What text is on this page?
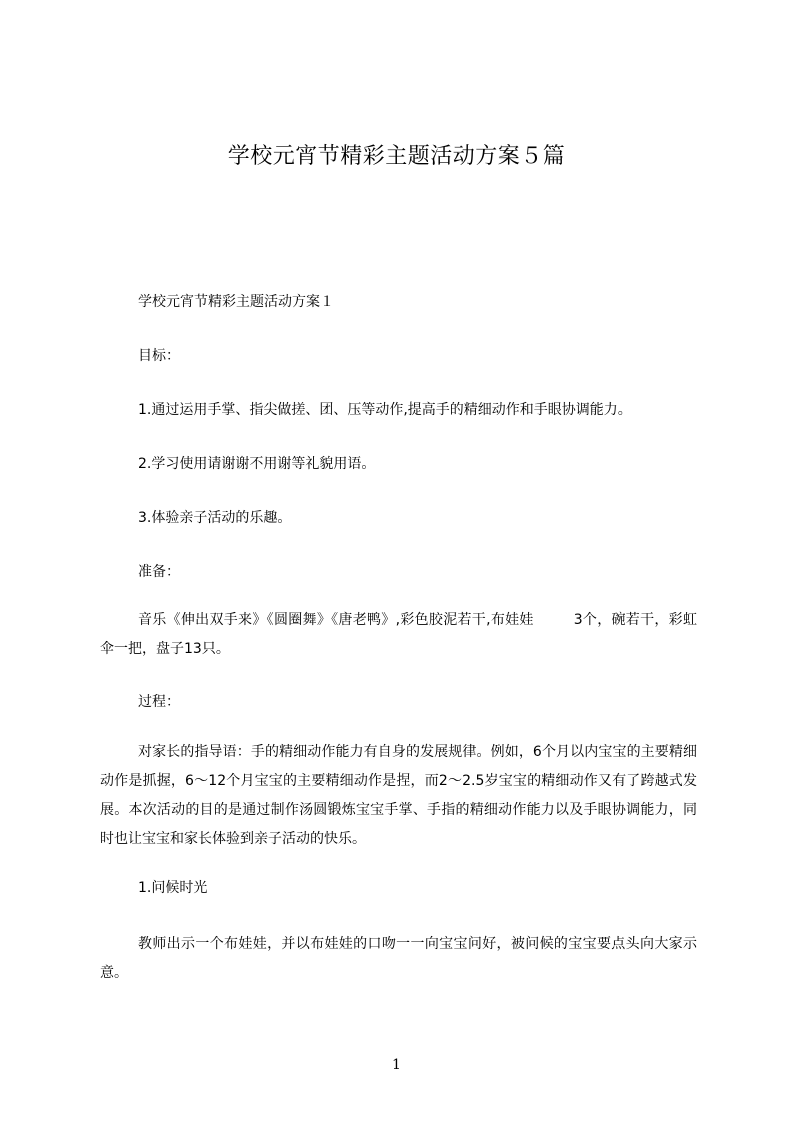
学校元宵节精彩主题活动方案５篇
学校元宵节精彩主题活动方案１
目标：
1.通过运用手掌、指尖做搓、团、压等动作,提高手的精细动作和手眼协调能力。
2.学习使用请谢谢不用谢等礼貌用语。
3.体验亲子活动的乐趣。
准备：
音乐《伸出双手来》《圆圈舞》《唐老鸭》,彩色胶泥若干,布娃娃	3个，碗若干，彩虹伞一把，盘子13只。
过程：
对家长的指导语：手的精细动作能力有自身的发展规律。例如，6个月以内宝宝的主要精细动作是抓握，6～12个月宝宝的主要精细动作是捏，而2～2.5岁宝宝的精细动作又有了跨越式发展。本次活动的目的是通过制作汤圆锻炼宝宝手掌、手指的精细动作能力以及手眼协调能力，同时也让宝宝和家长体验到亲子活动的快乐。
1.问候时光
教师出示一个布娃娃，并以布娃娃的口吻一一向宝宝问好，被问候的宝宝要点头向大家示意。
1
